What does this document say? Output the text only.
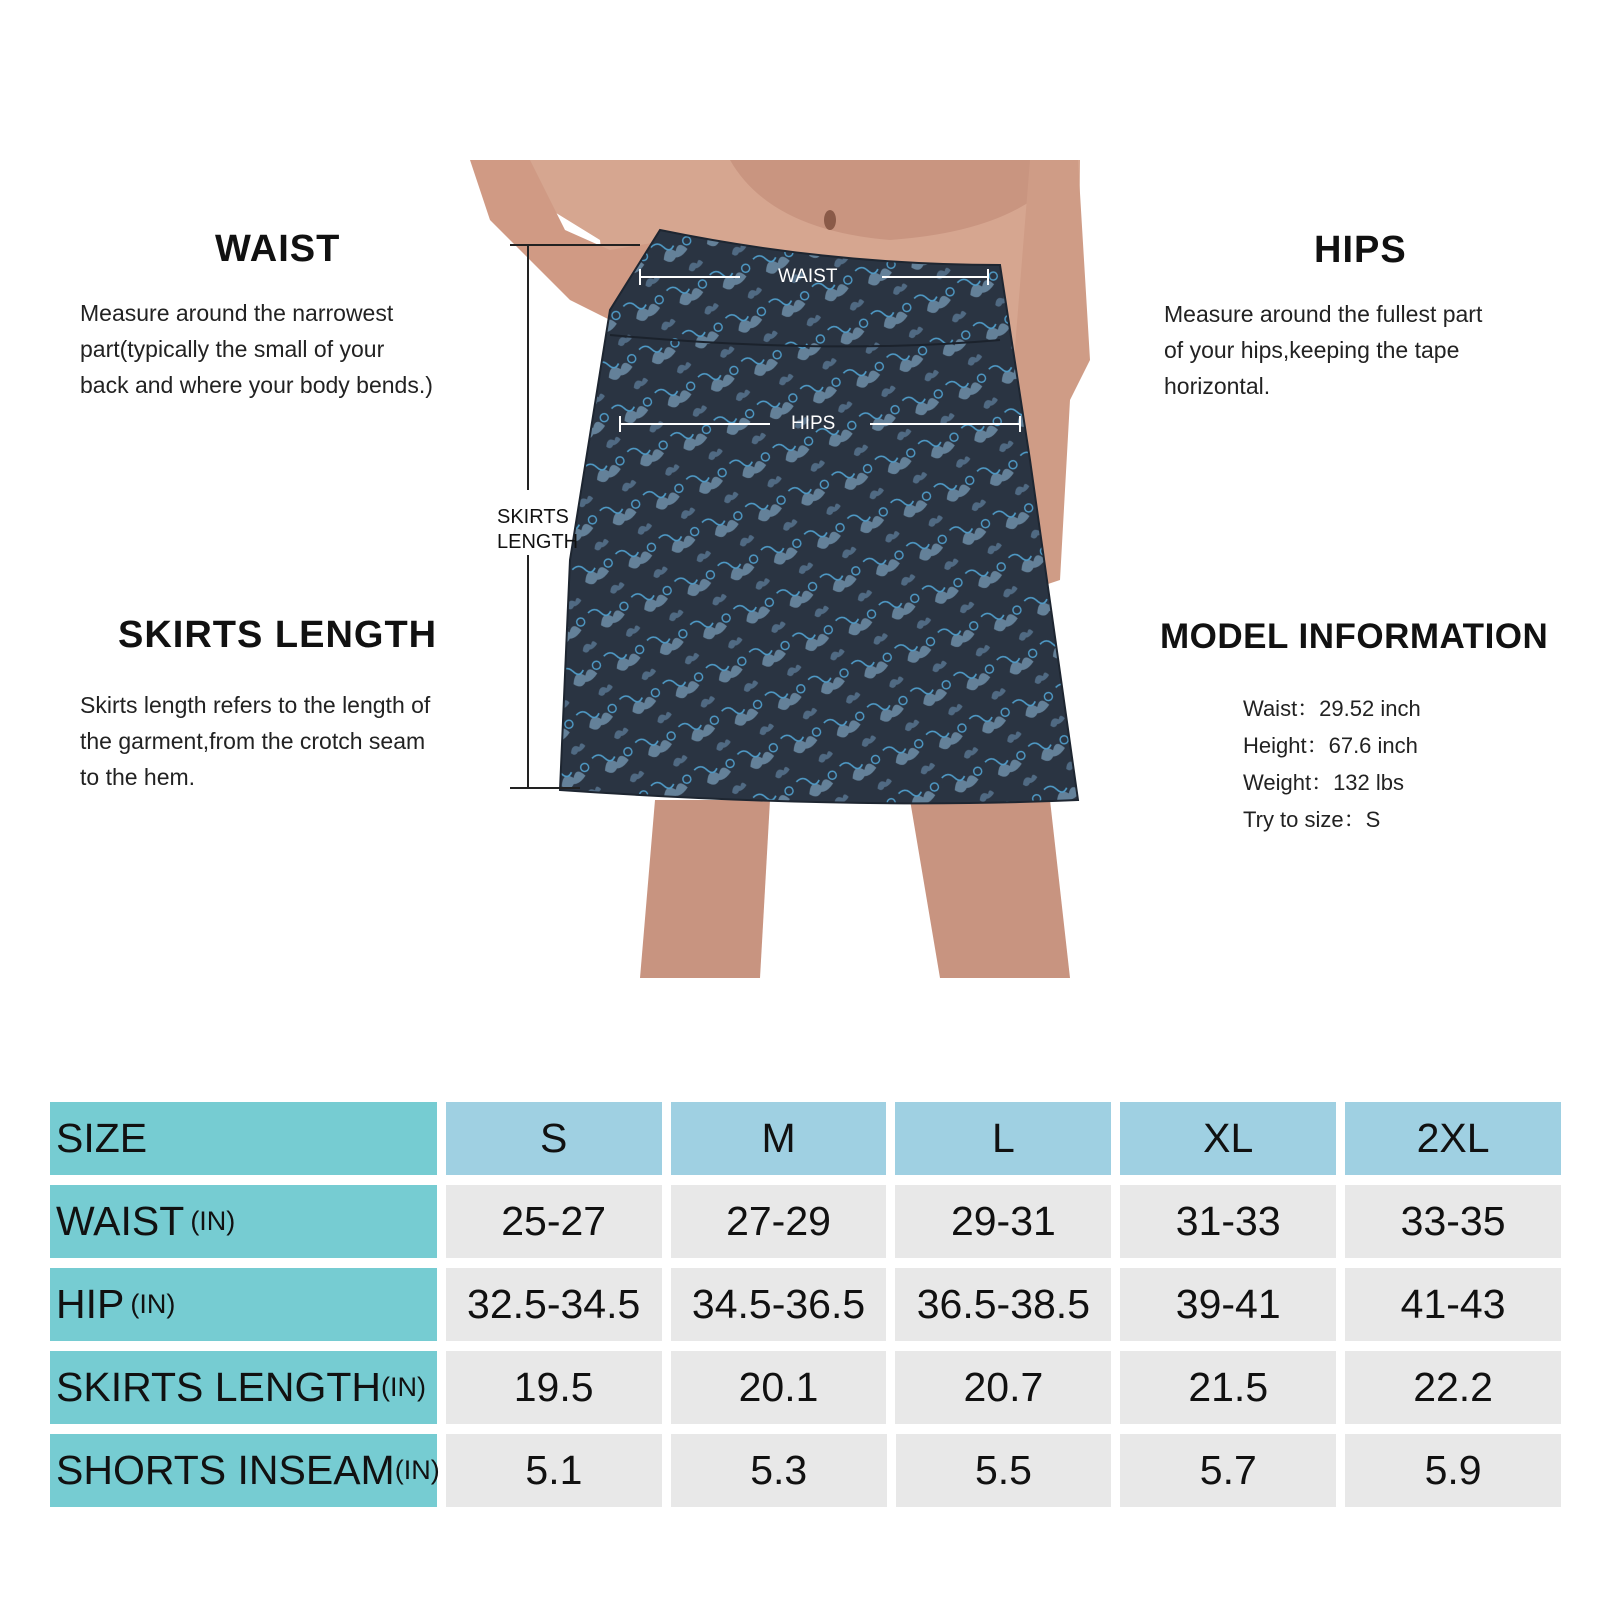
WAIST
Measure around the narrowest
part(typically the small of your
back and where your body bends.)
HIPS
Measure around the fullest part
of your hips,keeping the tape
horizontal.
SKIRTS LENGTH
Skirts length refers to the length of
the garment,from the crotch seam
to the hem.
MODEL INFORMATION
Waist：29.52 inch
Height：67.6 inch
Weight：132 lbs
Try to size：S
WAIST
HIPS
SKIRTS
LENGTH
SIZE	S	M	L	XL	2XL
WAIST (IN)	25-27	27-29	29-31	31-33	33-35
HIP (IN)	32.5-34.5	34.5-36.5	36.5-38.5	39-41	41-43
SKIRTS LENGTH (IN)	19.5	20.1	20.7	21.5	22.2
SHORTS INSEAM (IN)	5.1	5.3	5.5	5.7	5.9
